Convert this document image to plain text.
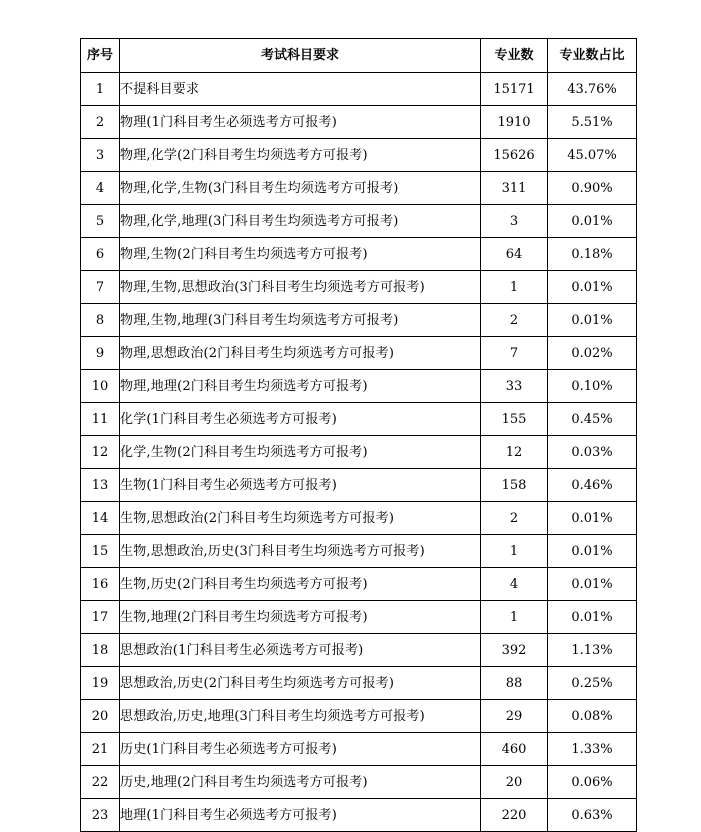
序号	考试科目要求	专业数	专业数占比
1	不提科目要求	15171	43.76%
2	物理(1门科目考生必须选考方可报考)	1910	5.51%
3	物理,化学(2门科目考生均须选考方可报考)	15626	45.07%
4	物理,化学,生物(3门科目考生均须选考方可报考)	311	0.90%
5	物理,化学,地理(3门科目考生均须选考方可报考)	3	0.01%
6	物理,生物(2门科目考生均须选考方可报考)	64	0.18%
7	物理,生物,思想政治(3门科目考生均须选考方可报考)	1	0.01%
8	物理,生物,地理(3门科目考生均须选考方可报考)	2	0.01%
9	物理,思想政治(2门科目考生均须选考方可报考)	7	0.02%
10	物理,地理(2门科目考生均须选考方可报考)	33	0.10%
11	化学(1门科目考生必须选考方可报考)	155	0.45%
12	化学,生物(2门科目考生均须选考方可报考)	12	0.03%
13	生物(1门科目考生必须选考方可报考)	158	0.46%
14	生物,思想政治(2门科目考生均须选考方可报考)	2	0.01%
15	生物,思想政治,历史(3门科目考生均须选考方可报考)	1	0.01%
16	生物,历史(2门科目考生均须选考方可报考)	4	0.01%
17	生物,地理(2门科目考生均须选考方可报考)	1	0.01%
18	思想政治(1门科目考生必须选考方可报考)	392	1.13%
19	思想政治,历史(2门科目考生均须选考方可报考)	88	0.25%
20	思想政治,历史,地理(3门科目考生均须选考方可报考)	29	0.08%
21	历史(1门科目考生必须选考方可报考)	460	1.33%
22	历史,地理(2门科目考生均须选考方可报考)	20	0.06%
23	地理(1门科目考生必须选考方可报考)	220	0.63%
